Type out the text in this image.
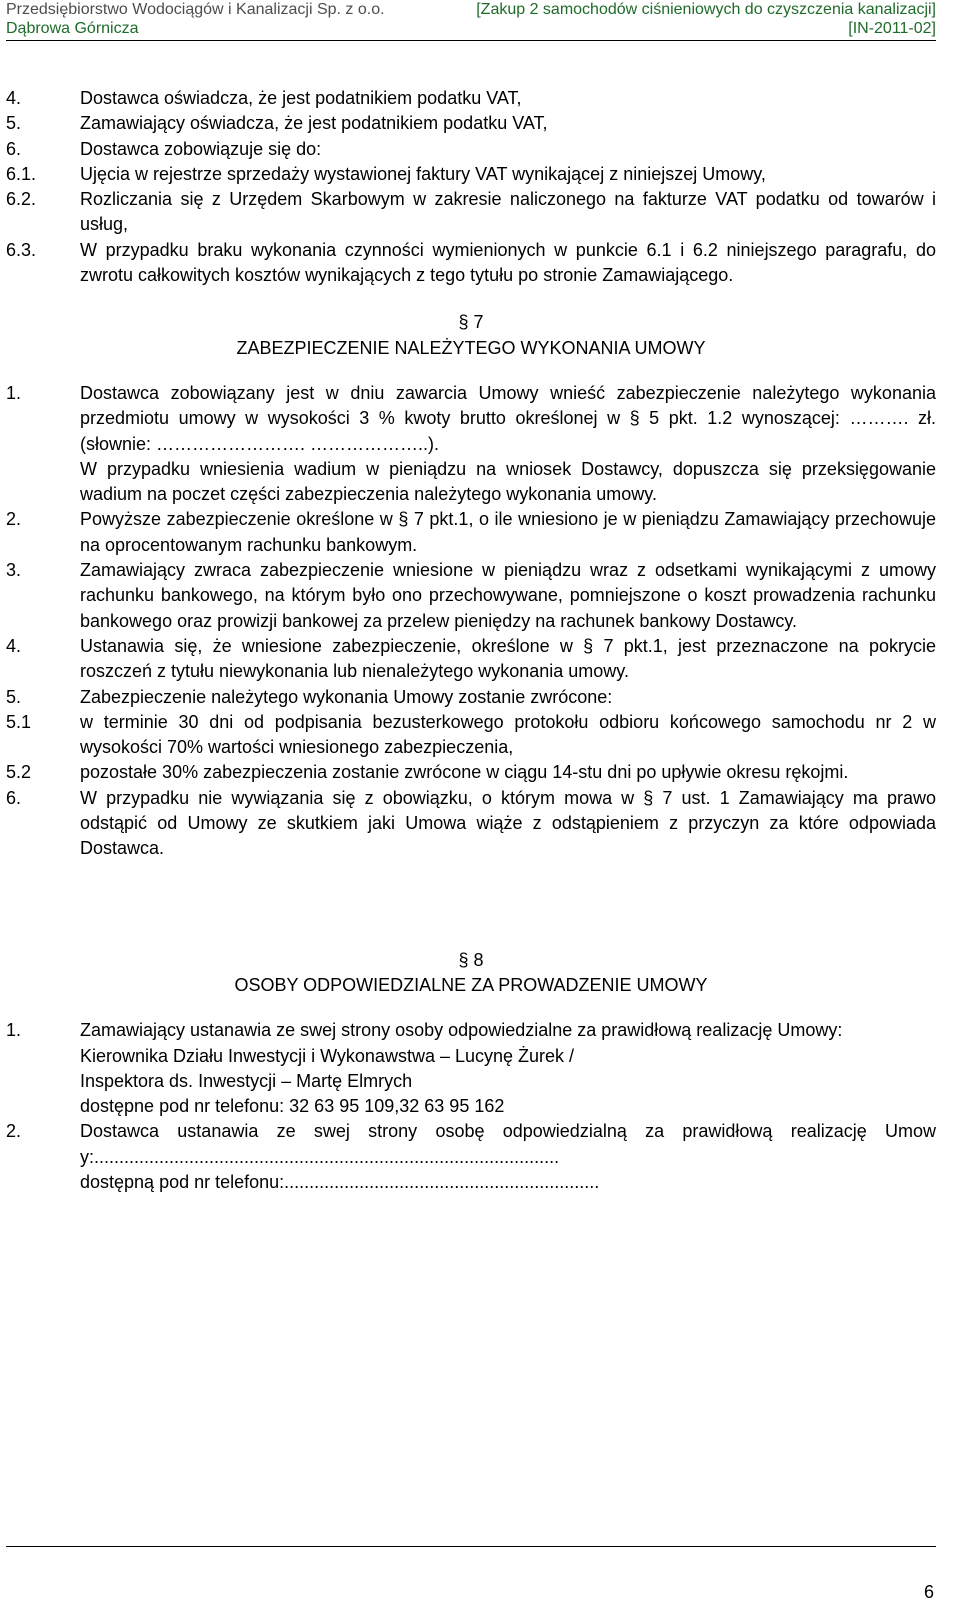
Przedsiębiorstwo Wodociągów i Kanalizacji Sp. z o.o.
Dąbrowa Górnicza
[Zakup 2 samochodów ciśnieniowych do czyszczenia kanalizacji]
[IN-2011-02]
4.	Dostawca oświadcza, że jest podatnikiem podatku VAT,
5.	Zamawiający oświadcza, że jest podatnikiem podatku VAT,
6.	Dostawca zobowiązuje się do:
6.1.	Ujęcia w rejestrze sprzedaży wystawionej faktury VAT wynikającej z niniejszej Umowy,
6.2.	Rozliczania się z Urzędem Skarbowym w zakresie naliczonego na fakturze VAT podatku od towarów i usług,
6.3.	W przypadku braku wykonania czynności wymienionych w punkcie 6.1 i 6.2 niniejszego paragrafu, do zwrotu całkowitych kosztów wynikających z tego tytułu po stronie Zamawiającego.
§ 7
ZABEZPIECZENIE NALEŻYTEGO WYKONANIA UMOWY
1.	Dostawca zobowiązany jest w dniu zawarcia Umowy wnieść zabezpieczenie należytego wykonania przedmiotu umowy w wysokości 3 % kwoty brutto określonej w § 5 pkt. 1.2 wynoszącej: ………. zł. (słownie: ……………………. ………………..).
W przypadku wniesienia wadium w pieniądzu na wniosek Dostawcy, dopuszcza się przeksięgowanie wadium na poczet części zabezpieczenia należytego wykonania umowy.
2.	Powyższe zabezpieczenie określone w § 7 pkt.1, o ile wniesiono je w pieniądzu Zamawiający przechowuje na oprocentowanym rachunku bankowym.
3.	Zamawiający zwraca zabezpieczenie wniesione w pieniądzu wraz z odsetkami wynikającymi z umowy rachunku bankowego, na którym było ono przechowywane, pomniejszone o koszt prowadzenia rachunku bankowego oraz prowizji bankowej za przelew pieniędzy na rachunek bankowy Dostawcy.
4.	Ustanawia się, że wniesione zabezpieczenie, określone w § 7 pkt.1, jest przeznaczone na pokrycie roszczeń z tytułu niewykonania lub nienależytego wykonania umowy.
5.	Zabezpieczenie należytego wykonania Umowy zostanie zwrócone:
5.1	w terminie 30 dni od podpisania bezusterkowego protokołu odbioru końcowego samochodu nr 2 w wysokości 70% wartości wniesionego zabezpieczenia,
5.2	pozostałe 30% zabezpieczenia zostanie zwrócone w ciągu 14-stu dni po upływie okresu rękojmi.
6.	W przypadku nie wywiązania się z obowiązku, o którym mowa w § 7 ust. 1 Zamawiający ma prawo odstąpić od Umowy ze skutkiem jaki Umowa wiąże z odstąpieniem z przyczyn za które odpowiada Dostawca.
§ 8
OSOBY ODPOWIEDZIALNE ZA PROWADZENIE UMOWY
1.	Zamawiający ustanawia ze swej strony osoby odpowiedzialne za prawidłową realizację Umowy:
Kierownika Działu Inwestycji i Wykonawstwa – Lucynę Żurek /
Inspektora ds. Inwestycji – Martę Elmrych
dostępne pod nr telefonu: 32 63 95 109,32 63 95 162
2.	Dostawca ustanawia ze swej strony osobę odpowiedzialną za prawidłową realizację Umowy:.............................................................................................
dostępną pod nr telefonu:...............................................................
6
